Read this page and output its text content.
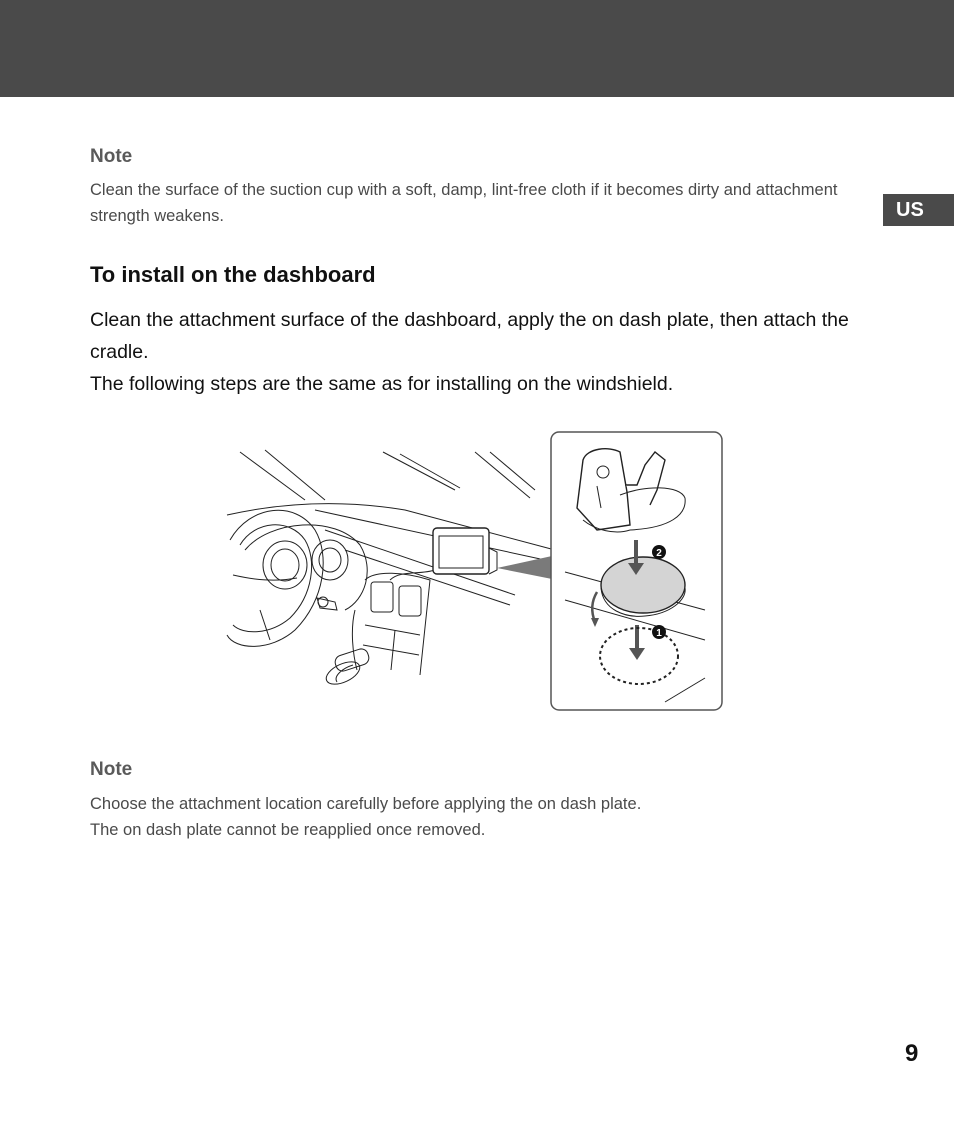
US
Note

Clean the surface of the suction cup with a soft, damp, lint-free cloth if it becomes dirty and attachment strength weakens.

To install on the dashboard

Clean the attachment surface of the dashboard, apply the on dash plate, then attach the cradle.

The following steps are the same as for installing on the windshield.

2
1
Note

Choose the attachment location carefully before applying the on dash plate.

The on dash plate cannot be reapplied once removed.

9
